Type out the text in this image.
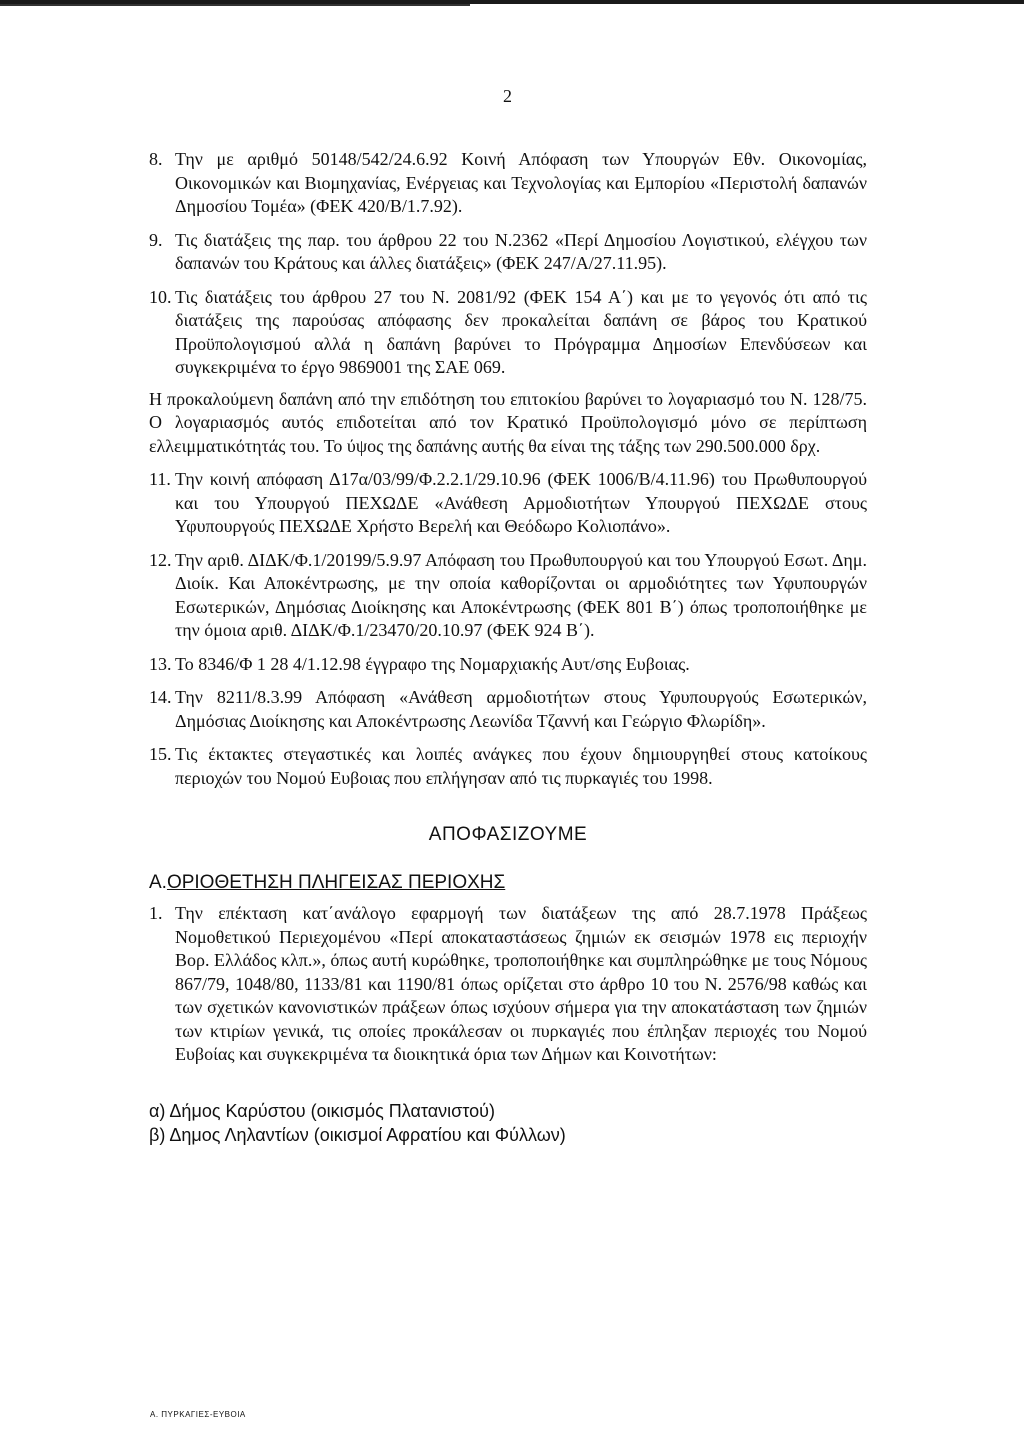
2
8. Την με αριθμό 50148/542/24.6.92 Κοινή Απόφαση των Υπουργών Εθν. Οικονομίας, Οικονομικών και Βιομηχανίας, Ενέργειας και Τεχνολογίας και Εμπορίου «Περιστολή δαπανών Δημοσίου Τομέα» (ΦΕΚ 420/Β/1.7.92).
9. Τις διατάξεις της παρ. του άρθρου 22 του Ν.2362 «Περί Δημοσίου Λογιστικού, ελέγχου των δαπανών του Κράτους και άλλες διατάξεις» (ΦΕΚ 247/Α/27.11.95).
10. Τις διατάξεις του άρθρου 27 του Ν. 2081/92 (ΦΕΚ 154 Α΄) και με το γεγονός ότι από τις διατάξεις της παρούσας απόφασης δεν προκαλείται δαπάνη σε βάρος του Κρατικού Προϋπολογισμού αλλά η δαπάνη βαρύνει το Πρόγραμμα Δημοσίων Επενδύσεων και συγκεκριμένα το έργο 9869001 της ΣΑΕ 069.
Η προκαλούμενη δαπάνη από την επιδότηση του επιτοκίου βαρύνει το λογαριασμό του Ν. 128/75. Ο λογαριασμός αυτός επιδοτείται από τον Κρατικό Προϋπολογισμό μόνο σε περίπτωση ελλειμματικότητάς του. Το ύψος της δαπάνης αυτής θα είναι της τάξης των 290.500.000 δρχ.
11. Την κοινή απόφαση Δ17α/03/99/Φ.2.2.1/29.10.96 (ΦΕΚ 1006/Β/4.11.96) του Πρωθυπουργού και του Υπουργού ΠΕΧΩΔΕ «Ανάθεση Αρμοδιοτήτων Υπουργού ΠΕΧΩΔΕ στους Υφυπουργούς ΠΕΧΩΔΕ Χρήστο Βερελή και Θεόδωρο Κολιοπάνο».
12. Την αριθ. ΔΙΔΚ/Φ.1/20199/5.9.97 Απόφαση του Πρωθυπουργού και του Υπουργού Εσωτ. Δημ. Διοίκ. Και Αποκέντρωσης, με την οποία καθορίζονται οι αρμοδιότητες των Υφυπουργών Εσωτερικών, Δημόσιας Διοίκησης και Αποκέντρωσης (ΦΕΚ 801 Β΄) όπως τροποποιήθηκε με την όμοια αριθ. ΔΙΔΚ/Φ.1/23470/20.10.97 (ΦΕΚ 924 Β΄).
13. Το 8346/Φ 1 28 4/1.12.98 έγγραφο της Νομαρχιακής Αυτ/σης Ευβοιας.
14. Την 8211/8.3.99 Απόφαση «Ανάθεση αρμοδιοτήτων στους Υφυπουργούς Εσωτερικών, Δημόσιας Διοίκησης και Αποκέντρωσης Λεωνίδα Τζαννή και Γεώργιο Φλωρίδη».
15. Τις έκτακτες στεγαστικές και λοιπές ανάγκες που έχουν δημιουργηθεί στους κατοίκους περιοχών του Νομού Ευβοιας που επλήγησαν από τις πυρκαγιές του 1998.
ΑΠΟΦΑΣΙΖΟΥΜΕ
Α.ΟΡΙΟΘΕΤΗΣΗ ΠΛΗΓΕΙΣΑΣ ΠΕΡΙΟΧΗΣ
1. Την επέκταση κατ΄ανάλογο εφαρμογή των διατάξεων της από 28.7.1978 Πράξεως Νομοθετικού Περιεχομένου «Περί αποκαταστάσεως ζημιών εκ σεισμών 1978 εις περιοχήν Βορ. Ελλάδος κλπ.», όπως αυτή κυρώθηκε, τροποποιήθηκε και συμπληρώθηκε με τους Νόμους 867/79, 1048/80, 1133/81 και 1190/81 όπως ορίζεται στο άρθρο 10 του Ν. 2576/98 καθώς και των σχετικών κανονιστικών πράξεων όπως ισχύουν σήμερα για την αποκατάσταση των ζημιών των κτιρίων γενικά, τις οποίες προκάλεσαν οι πυρκαγιές που έπληξαν περιοχές του Νομού Ευβοίας και συγκεκριμένα τα διοικητικά όρια των Δήμων και Κοινοτήτων:
α) Δήμος Καρύστου (οικισμός Πλατανιστού)
β) Δημος Ληλαντίων (οικισμοί Αφρατίου και Φύλλων)
Α. ΠΥΡΚΑΓΙΕΣ-ΕΥΒΟΙΑ
